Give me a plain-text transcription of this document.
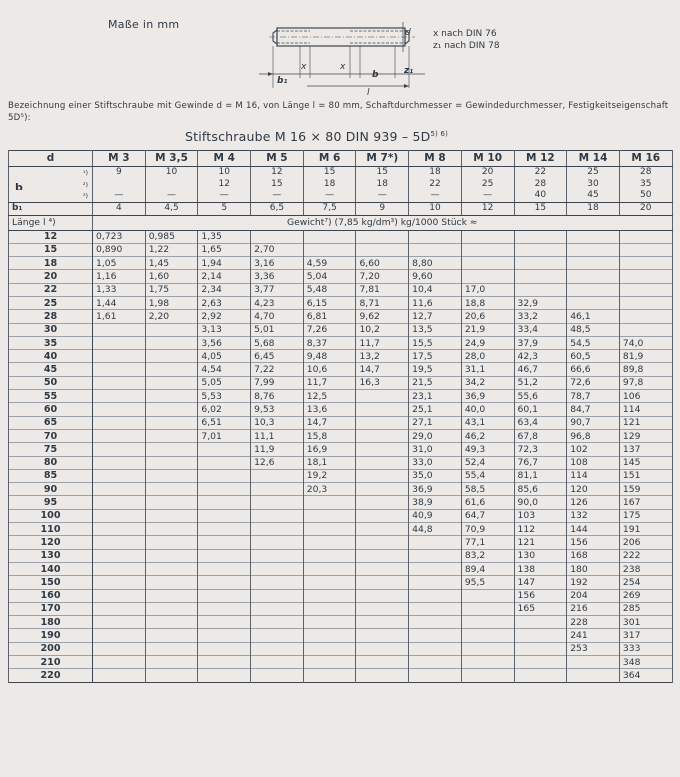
Maße in mm
d
b₁
x	x
b	z₁
l
x nach DIN 76
z₁ nach DIN 78
Bezeichnung einer Stiftschraube mit Gewinde d = M 16, von Länge l = 80 mm, Schaftdurchmesser = Gewindedurchmesser, Festigkeitseigenschaft 5D⁵):
Stiftschraube M 16 × 80 DIN $939 - 5D^{5) 6)}$
d	M 3	M 3,5	M 4	M 5	M 6	M 7*)	M 8	M 10	M 12	M 14	M 16

¹)	9	10	10	12	15	15	18	20	22	25	28

b ²)			12	15	18	18	22	25	28	30	35

³)	—	—	—	—	—	—	—	—	40	45	50
b₁	4	4,5	5	6,5	7,5	9	10	12	15	18	20
Länge l ⁴)	Gewicht⁷) (7,85 kg/dm³) kg/1000 Stück ≈										
12	0,723	0,985	1,35								
15	0,890	1,22	1,65	2,70							
18	1,05	1,45	1,94	3,16	4,59	6,60	8,80				
20	1,16	1,60	2,14	3,36	5,04	7,20	9,60				
22	1,33	1,75	2,34	3,77	5,48	7,81	10,4	17,0			
25	1,44	1,98	2,63	4,23	6,15	8,71	11,6	18,8	32,9		
28	1,61	2,20	2,92	4,70	6,81	9,62	12,7	20,6	33,2	46,1	
30			3,13	5,01	7,26	10,2	13,5	21,9	33,4	48,5	
35			3,56	5,68	8,37	11,7	15,5	24,9	37,9	54,5	74,0
40			4,05	6,45	9,48	13,2	17,5	28,0	42,3	60,5	81,9
45			4,54	7,22	10,6	14,7	19,5	31,1	46,7	66,6	89,8
50			5,05	7,99	11,7	16,3	21,5	34,2	51,2	72,6	97,8
55			5,53	8,76	12,5		23,1	36,9	55,6	78,7	106
60			6,02	9,53	13,6		25,1	40,0	60,1	84,7	114
65			6,51	10,3	14,7		27,1	43,1	63,4	90,7	121
70			7,01	11,1	15,8		29,0	46,2	67,8	96,8	129
75				11,9	16,9		31,0	49,3	72,3	102	137
80				12,6	18,1		33,0	52,4	76,7	108	145
85					19,2		35,0	55,4	81,1	114	151
90					20,3		36,9	58,5	85,6	120	159
95							38,9	61,6	90,0	126	167
100							40,9	64,7	103	132	175
110							44,8	70,9	112	144	191
120								77,1	121	156	206
130								83,2	130	168	222
140								89,4	138	180	238
150								95,5	147	192	254
160									156	204	269
170									165	216	285
180										228	301
190										241	317
200										253	333
210											348
220											364
